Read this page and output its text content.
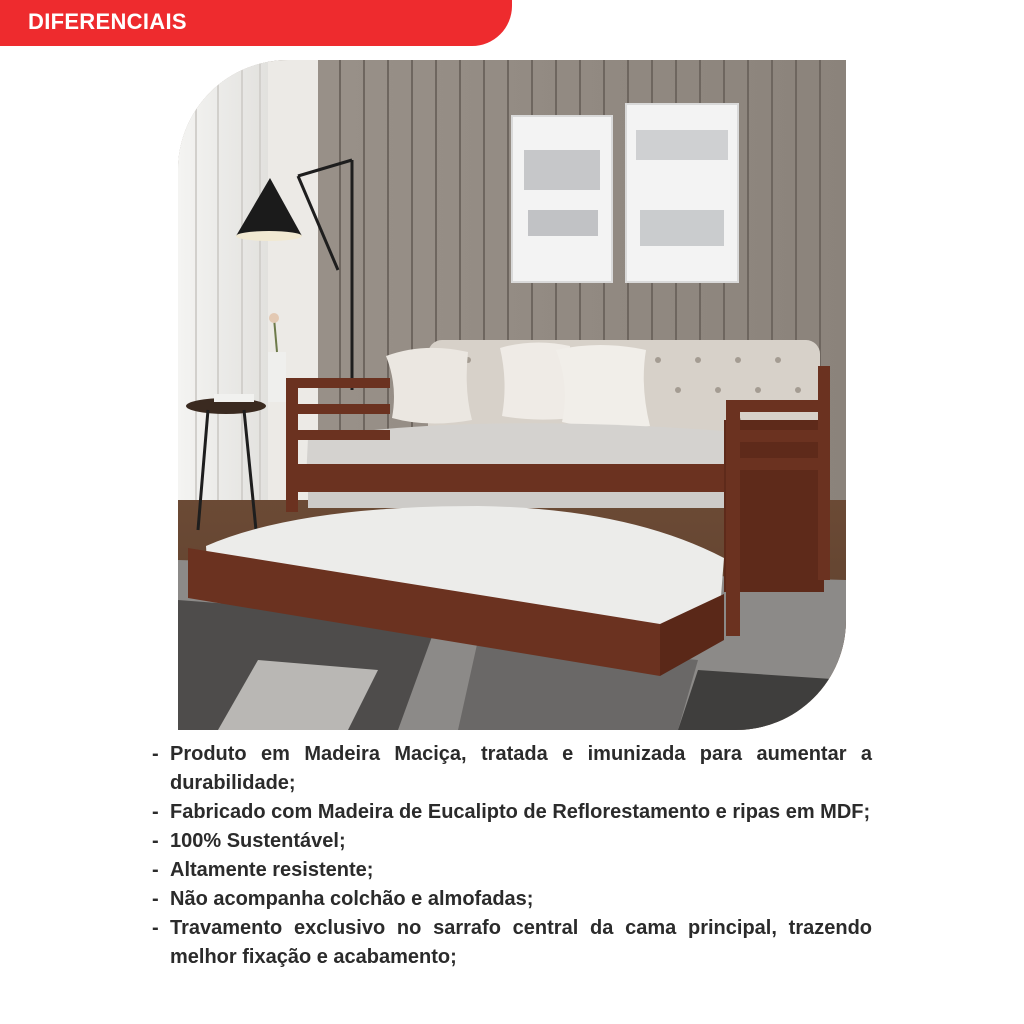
DIFERENCIAIS
- Produto em Madeira Maciça, tratada e imunizada para aumentar a durabilidade;
- Fabricado com Madeira de Eucalipto de Reflorestamento e ripas em MDF;
- 100% Sustentável;
- Altamente resistente;
- Não acompanha colchão e almofadas;
- Travamento exclusivo no sarrafo central da cama principal, trazendo melhor fixação e acabamento;
